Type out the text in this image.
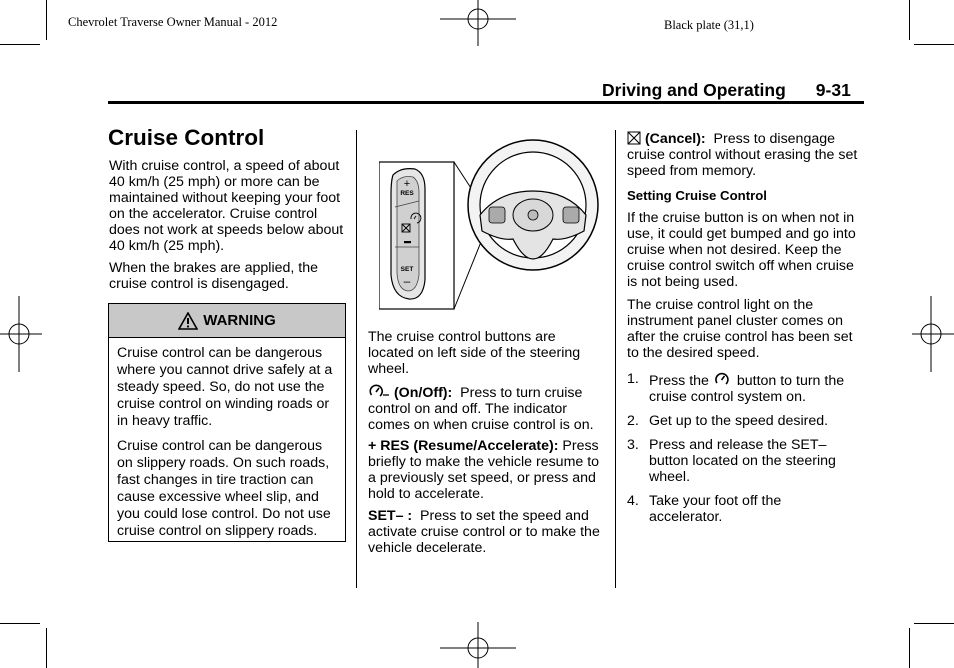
Chevrolet Traverse Owner Manual - 2012	Black plate (31,1)
Driving and Operating 9-31
Cruise Control

With cruise control, a speed of about 40 km/h (25 mph) or more can be maintained without keeping your foot on the accelerator. Cruise control does not work at speeds below about 40 km/h (25 mph).

When the brakes are applied, the cruise control is disengaged.

WARNING

Cruise control can be dangerous where you cannot drive safely at a steady speed. So, do not use the cruise control on winding roads or in heavy traffic.

Cruise control can be dangerous on slippery roads. On such roads, fast changes in tire traction can cause excessive wheel slip, and you could lose control. Do not use cruise control on slippery roads.

+
RES
SET
–

The cruise control buttons are located on left side of the steering wheel.

(On/Off): Press to turn cruise control on and off. The indicator comes on when cruise control is on.

+ RES (Resume/Accelerate): Press briefly to make the vehicle resume to a previously set speed, or press and hold to accelerate.

SET– : Press to set the speed and activate cruise control or to make the vehicle decelerate.

(Cancel): Press to disengage cruise control without erasing the set speed from memory.

Setting Cruise Control

If the cruise button is on when not in use, it could get bumped and go into cruise when not desired. Keep the cruise control switch off when cruise is not being used.

The cruise control light on the instrument panel cluster comes on after the cruise control has been set to the desired speed.

1. Press the button to turn the cruise control system on.
2. Get up to the speed desired.
3. Press and release the SET– button located on the steering wheel.
4. Take your foot off the accelerator.
